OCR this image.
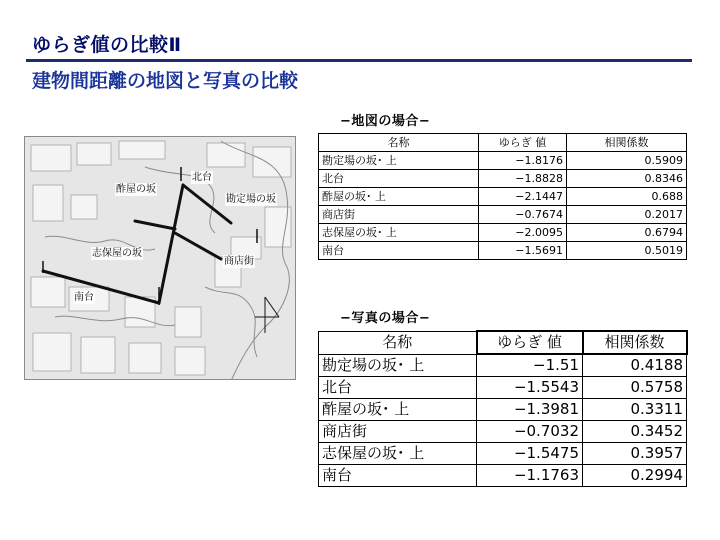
ゆらぎ値の比較Ⅱ
建物間距離の地図と写真の比較
北台
酢屋の坂
勘定場の坂
志保屋の坂
商店街
南台
−地図の場合−
名称	ゆらぎ 値	相関係数
勘定場の坂･ 上	−1.8176	0.5909
北台	−1.8828	0.8346
酢屋の坂･ 上	−2.1447	0.688
商店街	−0.7674	0.2017
志保屋の坂･ 上	−2.0095	0.6794
南台	−1.5691	0.5019
−写真の場合−
名称	ゆらぎ 値	相関係数
勘定場の坂･ 上	−1.51	0.4188
北台	−1.5543	0.5758
酢屋の坂･ 上	−1.3981	0.3311
商店街	−0.7032	0.3452
志保屋の坂･ 上	−1.5475	0.3957
南台	−1.1763	0.2994
